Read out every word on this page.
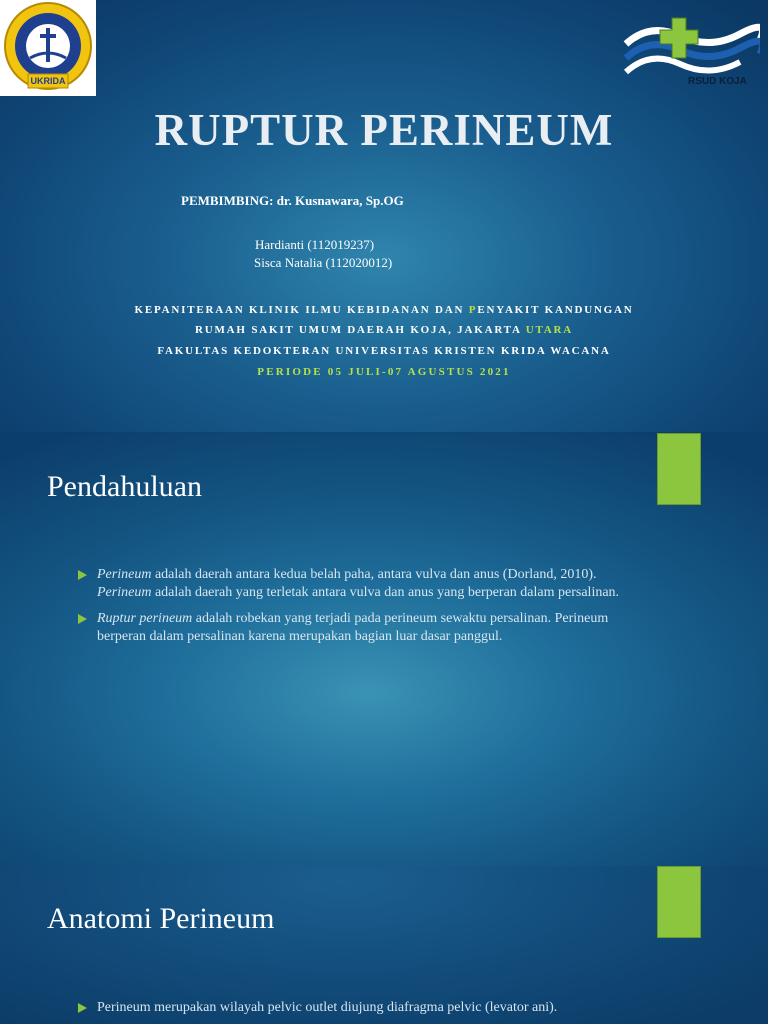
UKRIDA	RSUD KOJA
RUPTUR PERINEUM
PEMBIMBING: dr. Kusnawara, Sp.OG
Hardianti (112019237)
Sisca Natalia (112020012)
KEPANITERAAN KLINIK ILMU KEBIDANAN DAN PENYAKIT KANDUNGAN
RUMAH SAKIT UMUM DAERAH KOJA, JAKARTA UTARA
FAKULTAS KEDOKTERAN UNIVERSITAS KRISTEN KRIDA WACANA
PERIODE 05 JULI-07 AGUSTUS 2021
Pendahuluan
Perineum adalah daerah antara kedua belah paha, antara vulva dan anus (Dorland, 2010). Perineum adalah daerah yang terletak antara vulva dan anus yang berperan dalam persalinan.
Ruptur perineum adalah robekan yang terjadi pada perineum sewaktu persalinan. Perineum berperan dalam persalinan karena merupakan bagian luar dasar panggul.
Anatomi Perineum
Perineum merupakan wilayah pelvic outlet diujung diafragma pelvic (levator ani).
